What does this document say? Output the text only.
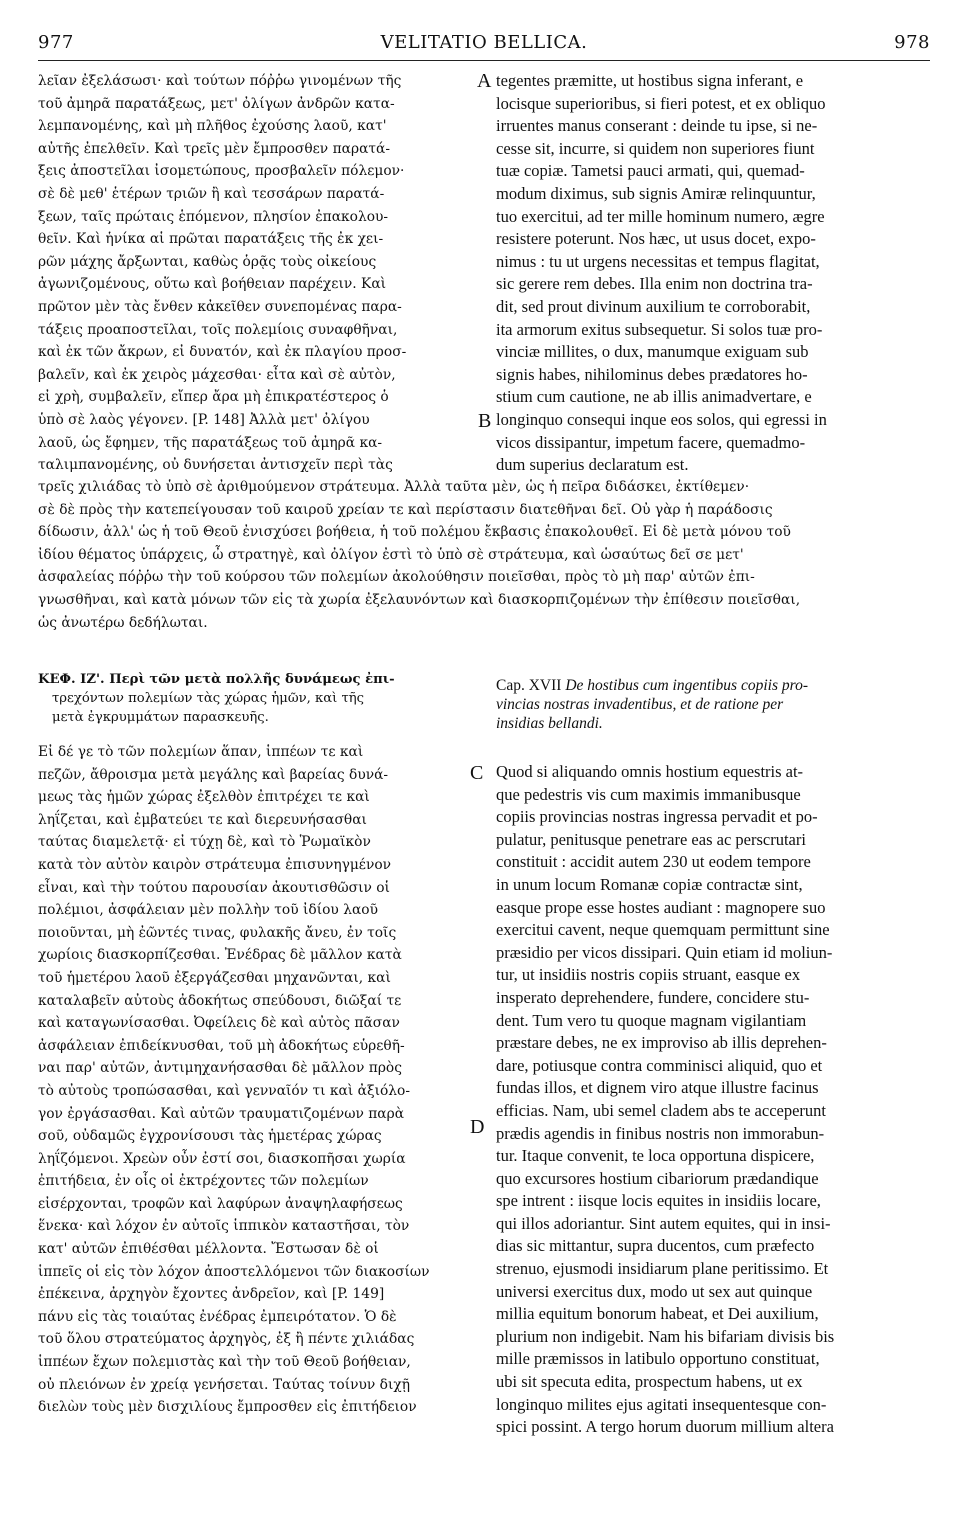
977	VELITATIO BELLICA.	978
λεῖαν ἐξελάσωσι· καὶ τούτων πόῤῥω γινομένων τῆς
τοῦ ἀμηρᾶ παρατάξεως, μετ' ὀλίγων ἀνδρῶν κατα-
λεμπανομένης, καὶ μὴ πλῆθος ἐχούσης λαοῦ, κατ'
αὐτῆς ἐπελθεῖν. Καὶ τρεῖς μὲν ἔμπροσθεν παρατά-
ξεις ἀποστεῖλαι ἰσομετώπους, προσβαλεῖν πόλεμον·
σὲ δὲ μεθ' ἑτέρων τριῶν ἢ καὶ τεσσάρων παρατά-
ξεων, ταῖς πρώταις ἑπόμενον, πλησίον ἐπακολου-
θεῖν. Καὶ ἡνίκα αἱ πρῶται παρατάξεις τῆς ἐκ χει-
ρῶν μάχης ἄρξωνται, καθὼς ὁρᾷς τοὺς οἰκείους
ἀγωνιζομένους, οὕτω καὶ βοήθειαν παρέχειν. Καὶ
πρῶτον μὲν τὰς ἔνθεν κἀκεῖθεν συνεπομένας παρα-
τάξεις προαποστεῖλαι, τοῖς πολεμίοις συναφθῆναι,
καὶ ἐκ τῶν ἄκρων, εἰ δυνατόν, καὶ ἐκ πλαγίου προσ-
βαλεῖν, καὶ ἐκ χειρὸς μάχεσθαι· εἶτα καὶ σὲ αὐτὸν,
εἰ χρὴ, συμβαλεῖν, εἴπερ ἄρα μὴ ἐπικρατέστερος ὁ
ὑπὸ σὲ λαὸς γέγονεν. [P. 148] Ἀλλὰ μετ' ὀλίγου
λαοῦ, ὡς ἔφημεν, τῆς παρατάξεως τοῦ ἀμηρᾶ κα-
ταλιμπανομένης, οὐ δυνήσεται ἀντισχεῖν περὶ τὰς
tegentes præmitte, ut hostibus signa inferant, e
locisque superioribus, si fieri potest, et ex obliquo
irruentes manus conserant : deinde tu ipse, si ne-
cesse sit, incurre, si quidem non superiores fiunt
tuæ copiæ. Tametsi pauci armati, qui, quemad-
modum diximus, sub signis Amiræ relinquuntur,
tuo exercitui, ad ter mille hominum numero, ægre
resistere poterunt. Nos hæc, ut usus docet, expo-
nimus : tu ut urgens necessitas et tempus flagitat,
sic gerere rem debes. Illa enim non doctrina tra-
dit, sed prout divinum auxilium te corroborabit,
ita armorum exitus subsequetur. Si solos tuæ pro-
vinciæ millites, o dux, manumque exiguam sub
signis habes, nihilominus debes prædatores ho-
stium cum cautione, ne ab illis animadvertare, e
longinquo consequi inque eos solos, qui egressi in
vicos dissipantur, impetum facere, quemadmo-
dum superius declaratum est.
A
B
τρεῖς χιλιάδας τὸ ὑπὸ σὲ ἀριθμούμενον στράτευμα. Ἀλλὰ ταῦτα μὲν, ὡς ἡ πεῖρα διδάσκει, ἐκτίθεμεν·
σὲ δὲ πρὸς τὴν κατεπείγουσαν τοῦ καιροῦ χρείαν τε καὶ περίστασιν διατεθῆναι δεῖ. Οὐ γὰρ ἡ παράδοσις
δίδωσιν, ἀλλ' ὡς ἡ τοῦ Θεοῦ ἐνισχύσει βοήθεια, ἡ τοῦ πολέμου ἔκβασις ἐπακολουθεῖ. Εἰ δὲ μετὰ μόνου τοῦ
ἰδίου θέματος ὑπάρχεις, ὦ στρατηγὲ, καὶ ὀλίγον ἐστὶ τὸ ὑπὸ σὲ στράτευμα, καὶ ὡσαύτως δεῖ σε μετ'
ἀσφαλείας πόῤῥω τὴν τοῦ κούρσου τῶν πολεμίων ἀκολούθησιν ποιεῖσθαι, πρὸς τὸ μὴ παρ' αὐτῶν ἐπι-
γνωσθῆναι, καὶ κατὰ μόνων τῶν εἰς τὰ χωρία ἐξελαυνόντων καὶ διασκορπιζομένων τὴν ἐπίθεσιν ποιεῖσθαι,
ὡς ἀνωτέρω δεδήλωται.
ΚΕΦ. ΙΖ'. Περὶ τῶν μετὰ πολλῆς δυνάμεως ἐπι-
τρεχόντων πολεμίων τὰς χώρας ἡμῶν, καὶ τῆς
μετὰ ἐγκρυμμάτων παρασκευῆς.
Cap. XVII De hostibus cum ingentibus copiis pro-
vincias nostras invadentibus, et de ratione per
insidias bellandi.
Εἰ δέ γε τὸ τῶν πολεμίων ἅπαν, ἱππέων τε καὶ
πεζῶν, ἄθροισμα μετὰ μεγάλης καὶ βαρείας δυνά-
μεως τὰς ἡμῶν χώρας ἐξελθὸν ἐπιτρέχει τε καὶ
ληΐζεται, καὶ ἐμβατεύει τε καὶ διερευνήσασθαι
ταύτας διαμελετᾷ· εἰ τύχῃ δὲ, καὶ τὸ Ῥωμαϊκὸν
κατὰ τὸν αὐτὸν καιρὸν στράτευμα ἐπισυνηγμένον
εἶναι, καὶ τὴν τούτου παρουσίαν ἀκουτισθῶσιν οἱ
πολέμιοι, ἀσφάλειαν μὲν πολλὴν τοῦ ἰδίου λαοῦ
ποιοῦνται, μὴ ἐῶντές τινας, φυλακῆς ἄνευ, ἐν τοῖς
χωρίοις διασκορπίζεσθαι. Ἐνέδρας δὲ μᾶλλον κατὰ
τοῦ ἡμετέρου λαοῦ ἐξεργάζεσθαι μηχανῶνται, καὶ
καταλαβεῖν αὐτοὺς ἀδοκήτως σπεύδουσι, διῶξαί τε
καὶ καταγωνίσασθαι. Ὀφείλεις δὲ καὶ αὐτὸς πᾶσαν
ἀσφάλειαν ἐπιδείκνυσθαι, τοῦ μὴ ἀδοκήτως εὑρεθῆ-
ναι παρ' αὐτῶν, ἀντιμηχανήσασθαι δὲ μᾶλλον πρὸς
τὸ αὐτοὺς τροπώσασθαι, καὶ γενναῖόν τι καὶ ἀξιόλο-
γον ἐργάσασθαι. Καὶ αὐτῶν τραυματιζομένων παρὰ
σοῦ, οὐδαμῶς ἐγχρονίσουσι τὰς ἡμετέρας χώρας
ληΐζόμενοι. Χρεὼν οὖν ἐστί σοι, διασκοπῆσαι χωρία
ἐπιτήδεια, ἐν οἷς οἱ ἐκτρέχοντες τῶν πολεμίων
εἰσέρχονται, τροφῶν καὶ λαφύρων ἀναψηλαφήσεως
ἕνεκα· καὶ λόχον ἐν αὐτοῖς ἱππικὸν καταστῆσαι, τὸν
κατ' αὐτῶν ἐπιθέσθαι μέλλοντα. Ἔστωσαν δὲ οἱ
ἱππεῖς οἱ εἰς τὸν λόχον ἀποστελλόμενοι τῶν διακοσίων
ἐπέκεινα, ἀρχηγὸν ἔχοντες ἀνδρεῖον, καὶ [P. 149]
πάνυ εἰς τὰς τοιαύτας ἐνέδρας ἐμπειρότατον. Ὁ δὲ
τοῦ ὅλου στρατεύματος ἀρχηγὸς, ἐξ ἢ πέντε χιλιάδας
ἱππέων ἔχων πολεμιστὰς καὶ τὴν τοῦ Θεοῦ βοήθειαν,
οὐ πλειόνων ἐν χρείᾳ γενήσεται. Ταύτας τοίνυν διχῇ
διελὼν τοὺς μὲν δισχιλίους ἔμπροσθεν εἰς ἐπιτήδειον
Quod si aliquando omnis hostium equestris at-
que pedestris vis cum maximis immanibusque
copiis provincias nostras ingressa pervadit et po-
pulatur, penitusque penetrare eas ac perscrutari
constituit : accidit autem 230 ut eodem tempore
in unum locum Romanæ copiæ contractæ sint,
easque prope esse hostes audiant : magnopere suo
exercitui cavent, neque quemquam permittunt sine
præsidio per vicos dissipari. Quin etiam id moliun-
tur, ut insidiis nostris copiis struant, easque ex
insperato deprehendere, fundere, concidere stu-
dent. Tum vero tu quoque magnam vigilantiam
præstare debes, ne ex improviso ab illis deprehen-
dare, potiusque contra comminisci aliquid, quo et
fundas illos, et dignem viro atque illustre facinus
efficias. Nam, ubi semel cladem abs te acceperunt
prædis agendis in finibus nostris non immorabun-
tur. Itaque convenit, te loca opportuna dispicere,
quo excursores hostium cibariorum prædandique
spe intrent : iisque locis equites in insidiis locare,
qui illos adoriantur. Sint autem equites, qui in insi-
dias sic mittantur, supra ducentos, cum præfecto
strenuo, ejusmodi insidiarum plane peritissimo. Et
universi exercitus dux, modo ut sex aut quinque
millia equitum bonorum habeat, et Dei auxilium,
plurium non indigebit. Nam his bifariam divisis bis
mille præmissos in latibulo opportuno constituat,
ubi sit specuta edita, prospectum habens, ut ex
longinquo milites ejus agitati insequentesque con-
spici possint. A tergo horum duorum millium altera
C
D
